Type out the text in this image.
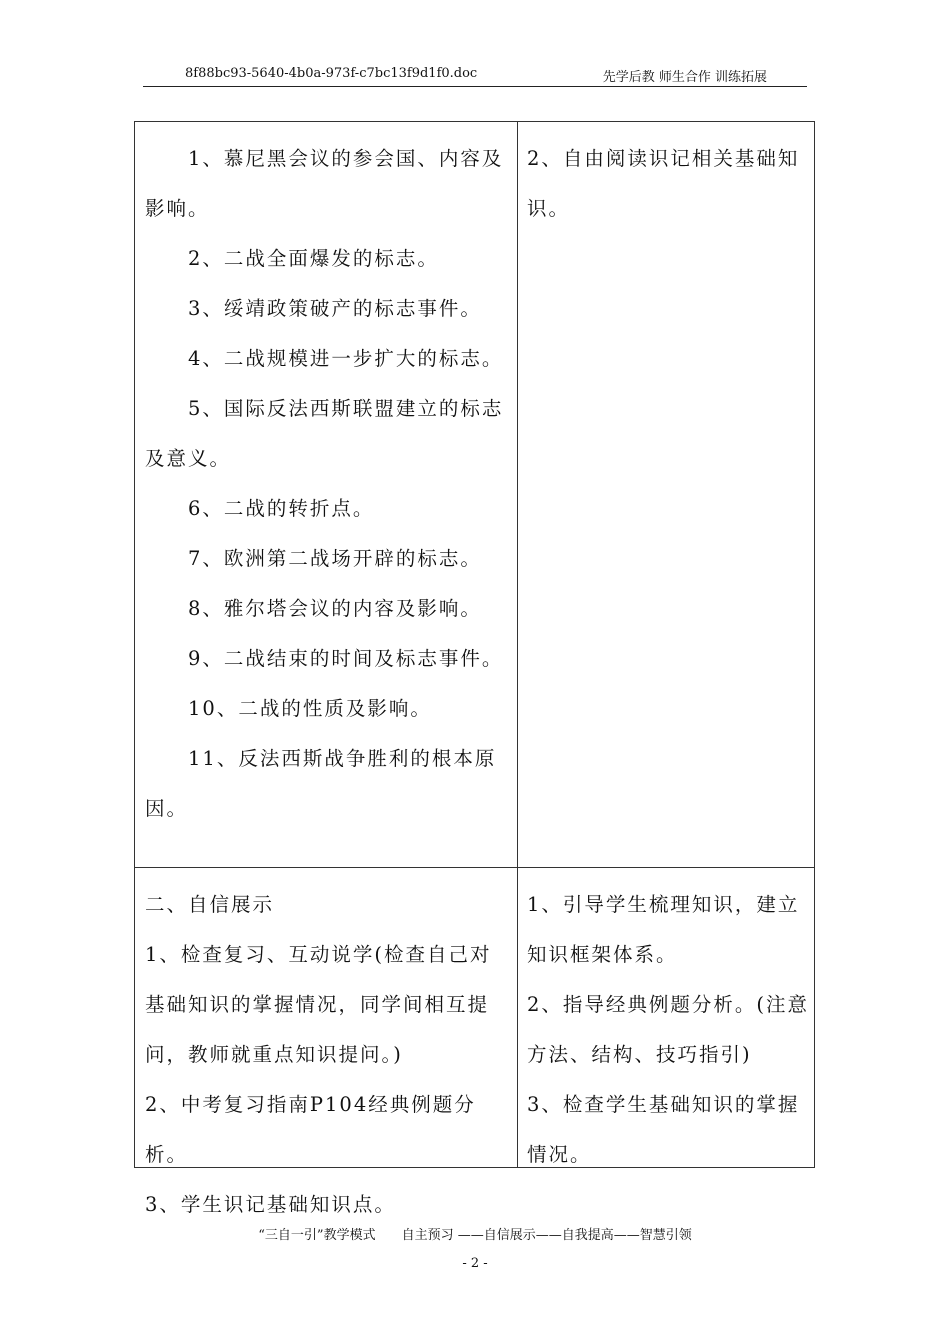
8f88bc93-5640-4b0a-973f-c7bc13f9d1f0.doc	先学后教 师生合作 训练拓展

1、慕尼黑会议的参会国、内容及影响。

2、二战全面爆发的标志。

3、绥靖政策破产的标志事件。

4、二战规模进一步扩大的标志。

5、国际反法西斯联盟建立的标志及意义。

6、二战的转折点。

7、欧洲第二战场开辟的标志。

8、雅尔塔会议的内容及影响。

9、二战结束的时间及标志事件。

10、二战的性质及影响。

11、反法西斯战争胜利的根本原因。

2、自由阅读识记相关基础知识。

二、自信展示

1、检查复习、互动说学(检查自己对基础知识的掌握情况，同学间相互提问，教师就重点知识提问。)

2、中考复习指南P104经典例题分析。

3、学生识记基础知识点。

1、引导学生梳理知识，建立知识框架体系。

2、指导经典例题分析。(注意方法、结构、技巧指引)

3、检查学生基础知识的掌握情况。

“三自一引”教学模式　　自主预习 ——自信展示——自我提高——智慧引领
- 2 -
